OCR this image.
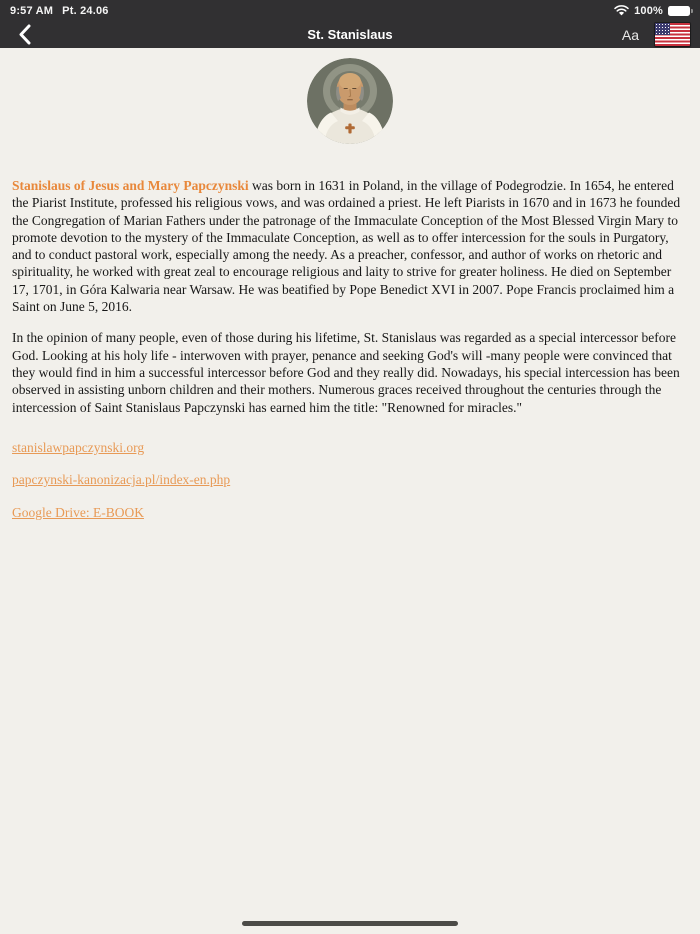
9:57 AM Pt. 24.06	100%
St. Stanislaus	Aa

Stanislaus of Jesus and Mary Papczynski was born in 1631 in Poland, in the village of Podegrodzie. In 1654, he entered the Piarist Institute, professed his religious vows, and was ordained a priest. He left Piarists in 1670 and in 1673 he founded the Congregation of Marian Fathers under the patronage of the Immaculate Conception of the Most Blessed Virgin Mary to promote devotion to the mystery of the Immaculate Conception, as well as to offer intercession for the souls in Purgatory, and to conduct pastoral work, especially among the needy. As a preacher, confessor, and author of works on rhetoric and spirituality, he worked with great zeal to encourage religious and laity to strive for greater holiness. He died on September 17, 1701, in Góra Kalwaria near Warsaw. He was beatified by Pope Benedict XVI in 2007. Pope Francis proclaimed him a Saint on June 5, 2016.

In the opinion of many people, even of those during his lifetime, St. Stanislaus was regarded as a special intercessor before God. Looking at his holy life - interwoven with prayer, penance and seeking God's will -many people were convinced that they would find in him a successful intercessor before God and they really did. Nowadays, his special intercession has been observed in assisting unborn children and their mothers. Numerous graces received throughout the centuries through the intercession of Saint Stanislaus Papczynski has earned him the title: "Renowned for miracles."

stanislawpapczynski.org
papczynski-kanonizacja.pl/index-en.php
Google Drive: E-BOOK
